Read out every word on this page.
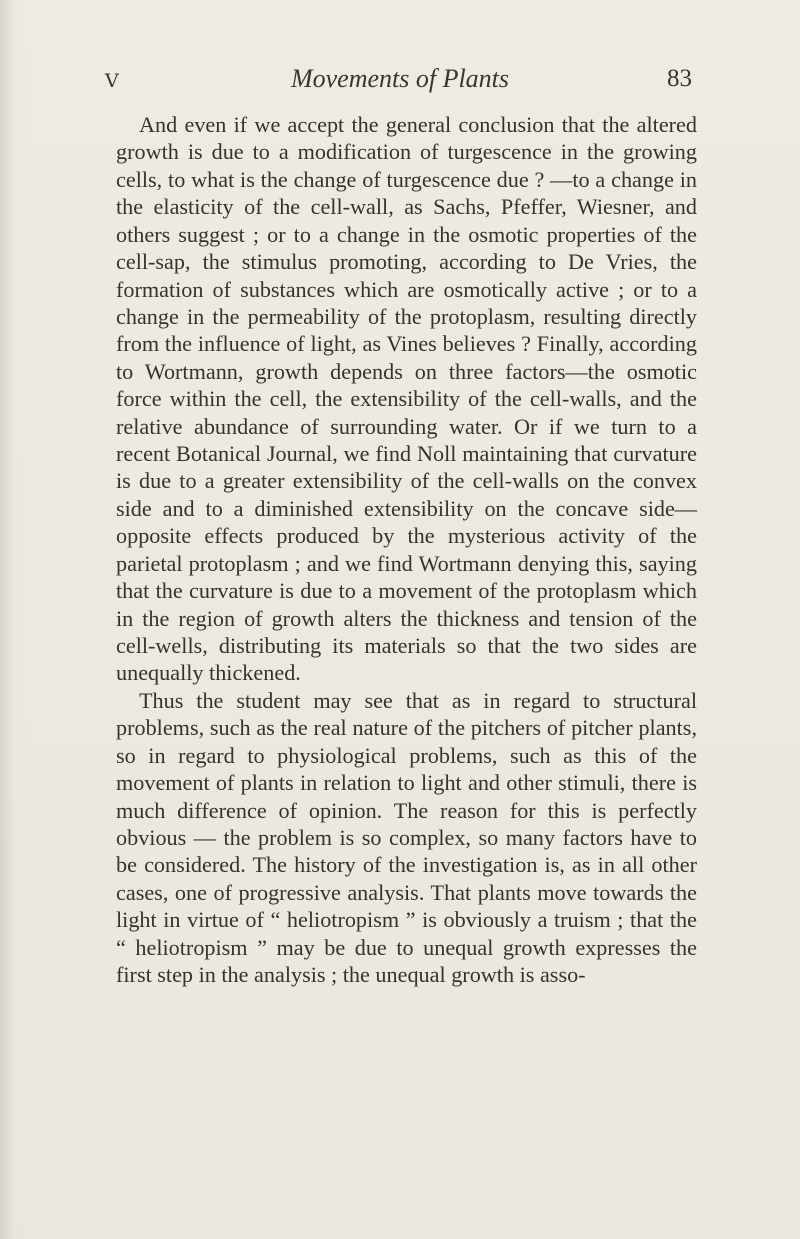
V	Movements of Plants	83

And even if we accept the general conclusion that the altered growth is due to a modification of turgescence in the growing cells, to what is the change of turgescence due ? —to a change in the elasticity of the cell-wall, as Sachs, Pfeffer, Wiesner, and others suggest ; or to a change in the osmotic properties of the cell-sap, the stimulus promoting, according to De Vries, the formation of substances which are osmotically active ; or to a change in the permeability of the protoplasm, resulting directly from the influence of light, as Vines believes ? Finally, according to Wortmann, growth depends on three factors—the osmotic force within the cell, the extensibility of the cell-walls, and the relative abundance of surrounding water. Or if we turn to a recent Botanical Journal, we find Noll maintaining that curvature is due to a greater extensibility of the cell-walls on the convex side and to a diminished extensibility on the concave side—opposite effects produced by the mysterious activity of the parietal protoplasm ; and we find Wortmann denying this, saying that the curvature is due to a movement of the protoplasm which in the region of growth alters the thickness and tension of the cell-wells, distributing its materials so that the two sides are unequally thickened.

Thus the student may see that as in regard to structural problems, such as the real nature of the pitchers of pitcher plants, so in regard to physiological problems, such as this of the movement of plants in relation to light and other stimuli, there is much difference of opinion. The reason for this is perfectly obvious — the problem is so complex, so many factors have to be considered. The history of the investigation is, as in all other cases, one of progressive analysis. That plants move towards the light in virtue of “ heliotropism ” is obviously a truism ; that the “ heliotropism ” may be due to unequal growth expresses the first step in the analysis ; the unequal growth is asso-
